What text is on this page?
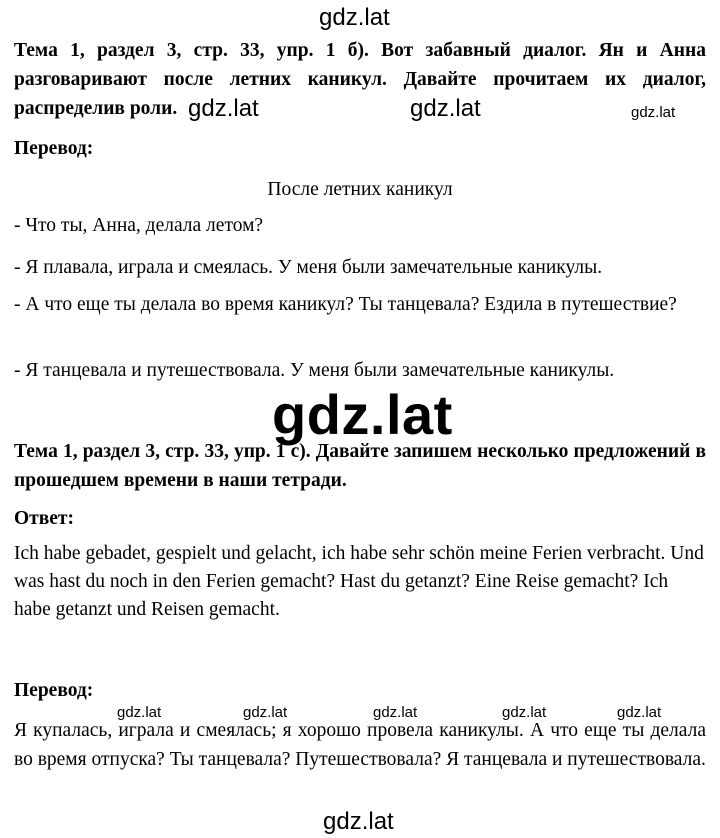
gdz.lat
Тема 1, раздел 3, стр. 33, упр. 1 б). Вот забавный диалог. Ян и Анна разговаривают после летних каникул. Давайте прочитаем их диалог, распределив роли. gdz.lat	gdz.lat	gdz.lat
Перевод:
После летних каникул
- Что ты, Анна, делала летом?
- Я плавала, играла и смеялась. У меня были замечательные каникулы.
- А что еще ты делала во время каникул? Ты танцевала? Ездила в путешествие?
- Я танцевала и путешествовала. У меня были замечательные каникулы.
gdz.lat
Тема 1, раздел 3, стр. 33, упр. 1 с). Давайте запишем несколько предложений в прошедшем времени в наши тетради.
Ответ:
Ich habe gebadet, gespielt und gelacht, ich habe sehr schön meine Ferien verbracht. Und was hast du noch in den Ferien gemacht? Hast du getanzt? Eine Reise gemacht? Ich habe getanzt und Reisen gemacht.
Перевод:
gdz.lat	gdz.lat	gdz.lat	gdz.lat	gdz.lat
Я купалась, играла и смеялась; я хорошо провела каникулы. А что еще ты делала во время отпуска? Ты танцевала? Путешествовала? Я танцевала и путешествовала.
gdz.lat
